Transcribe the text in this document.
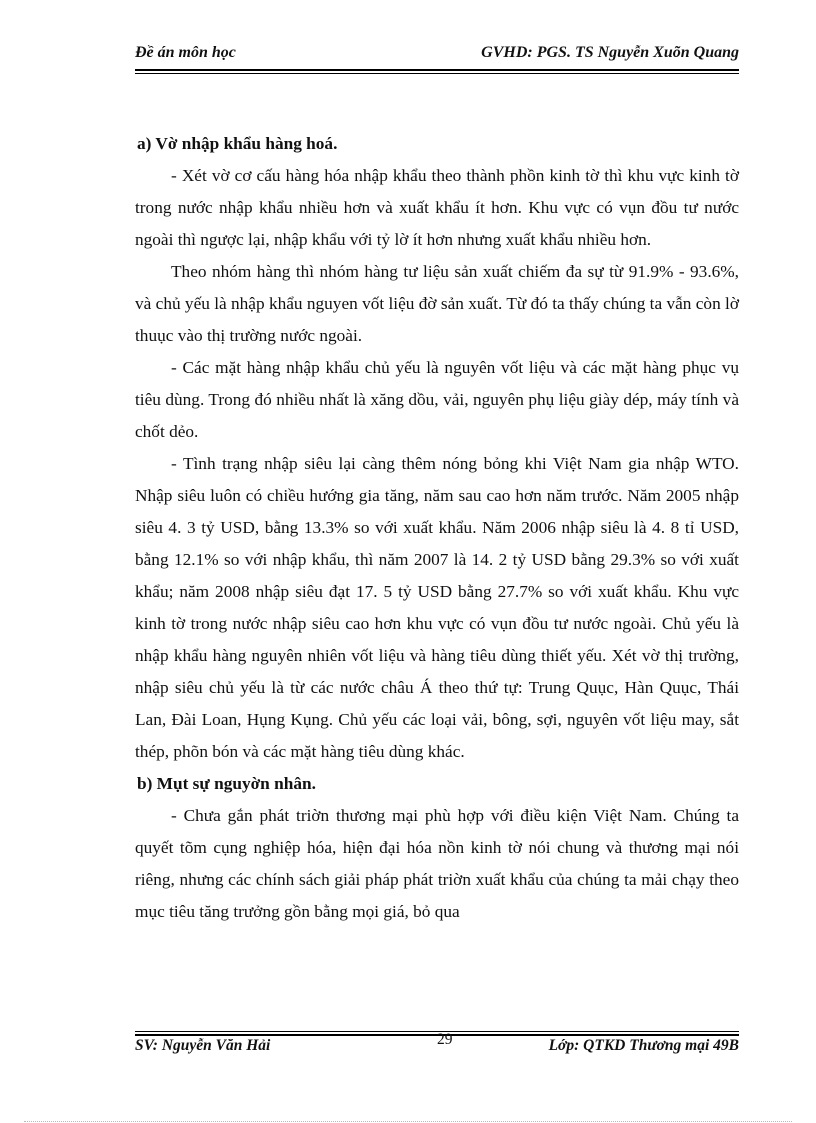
Đề án môn học	GVHD: PGS. TS Nguyễn Xuõn Quang

a) Vờ nhập khẩu hàng hoá.

- Xét vờ cơ cấu hàng hóa nhập khẩu theo thành phồn kinh tờ thì khu vực kinh tờ trong nước nhập khẩu nhiều hơn và xuất khẩu ít hơn. Khu vực có vụn đồu tư nước ngoài thì ngược lại, nhập khẩu với tỷ lờ ít hơn nhưng xuất khẩu nhiều hơn.

Theo nhóm hàng thì nhóm hàng tư liệu sản xuất chiếm đa sự từ 91.9% - 93.6%, và chủ yếu là nhập khẩu nguyen vốt liệu đờ sản xuất. Từ đó ta thấy chúng ta vẫn còn lờ thuục vào thị trường nước ngoài.

- Các mặt hàng nhập khẩu chủ yếu là nguyên vốt liệu và các mặt hàng phục vụ tiêu dùng. Trong đó nhiều nhất là xăng dồu, vải, nguyên phụ liệu giày dép, máy tính và chốt dẻo.

- Tình trạng nhập siêu lại càng thêm nóng bỏng khi Việt Nam gia nhập WTO. Nhập siêu luôn có chiều hướng gia tăng, năm sau cao hơn năm trước. Năm 2005 nhập siêu 4. 3 tỷ USD, bằng 13.3% so với xuất khẩu. Năm 2006 nhập siêu là 4. 8 tỉ USD, bằng 12.1% so với nhập khẩu, thì năm 2007 là 14. 2 tỷ USD bằng 29.3% so với xuất khẩu; năm 2008 nhập siêu đạt 17. 5 tỷ USD bằng 27.7% so với xuất khẩu. Khu vực kinh tờ trong nước nhập siêu cao hơn khu vực có vụn đồu tư nước ngoài. Chủ yếu là nhập khẩu hàng nguyên nhiên vốt liệu và hàng tiêu dùng thiết yếu. Xét vờ thị trường, nhập siêu chủ yếu là từ các nước châu Á theo thứ tự: Trung Quục, Hàn Quục, Thái Lan, Đài Loan, Hụng Kụng. Chủ yếu các loại vải, bông, sợi, nguyên vốt liệu may, sắt thép, phõn bón và các mặt hàng tiêu dùng khác.

b) Mụt sự nguyờn nhân.

- Chưa gắn phát triờn thương mại phù hợp với điều kiện Việt Nam. Chúng ta quyết tõm cụng nghiệp hóa, hiện đại hóa nồn kinh tờ nói chung và thương mại nói riêng, nhưng các chính sách giải pháp phát triờn xuất khẩu của chúng ta mải chạy theo mục tiêu tăng trưởng gồn bằng mọi giá, bỏ qua

SV: Nguyễn Văn Hải	29	Lớp: QTKD Thương mại 49B
